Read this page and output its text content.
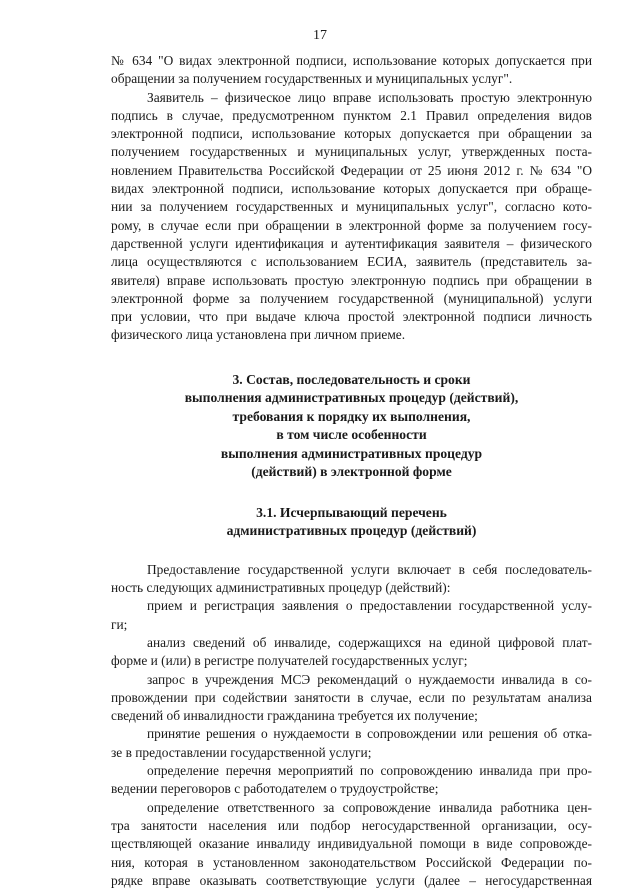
17
№ 634 "О видах электронной подписи, использование которых допускается при
обращении за получением государственных и муниципальных услуг".
Заявитель – физическое лицо вправе использовать простую электронную
подпись в случае, предусмотренном пунктом 2.1 Правил определения видов
электронной подписи, использование которых допускается при обращении за
получением государственных и муниципальных услуг, утвержденных поста-
новлением Правительства Российской Федерации от 25 июня 2012 г. № 634 "О
видах электронной подписи, использование которых допускается при обраще-
нии за получением государственных и муниципальных услуг", согласно кото-
рому, в случае если при обращении в электронной форме за получением госу-
дарственной услуги идентификация и аутентификация заявителя – физического
лица осуществляются с использованием ЕСИА, заявитель (представитель за-
явителя) вправе использовать простую электронную подпись при обращении в
электронной форме за получением государственной (муниципальной) услуги
при условии, что при выдаче ключа простой электронной подписи личность
физического лица установлена при личном приеме.
3. Состав, последовательность и сроки
выполнения административных процедур (действий),
требования к порядку их выполнения,
в том числе особенности
выполнения административных процедур
(действий) в электронной форме
3.1. Исчерпывающий перечень
административных процедур (действий)
Предоставление государственной услуги включает в себя последователь-
ность следующих административных процедур (действий):
прием и регистрация заявления о предоставлении государственной услу-
ги;
анализ сведений об инвалиде, содержащихся на единой цифровой плат-
форме и (или) в регистре получателей государственных услуг;
запрос в учреждения МСЭ рекомендаций о нуждаемости инвалида в со-
провождении при содействии занятости в случае, если по результатам анализа
сведений об инвалидности гражданина требуется их получение;
принятие решения о нуждаемости в сопровождении или решения об отка-
зе в предоставлении государственной услуги;
определение перечня мероприятий по сопровождению инвалида при про-
ведении переговоров с работодателем о трудоустройстве;
определение ответственного за сопровождение инвалида работника цен-
тра занятости населения или подбор негосударственной организации, осу-
ществляющей оказание инвалиду индивидуальной помощи в виде сопровожде-
ния, которая в установленном законодательством Российской Федерации по-
рядке вправе оказывать соответствующие услуги (далее – негосударственная
